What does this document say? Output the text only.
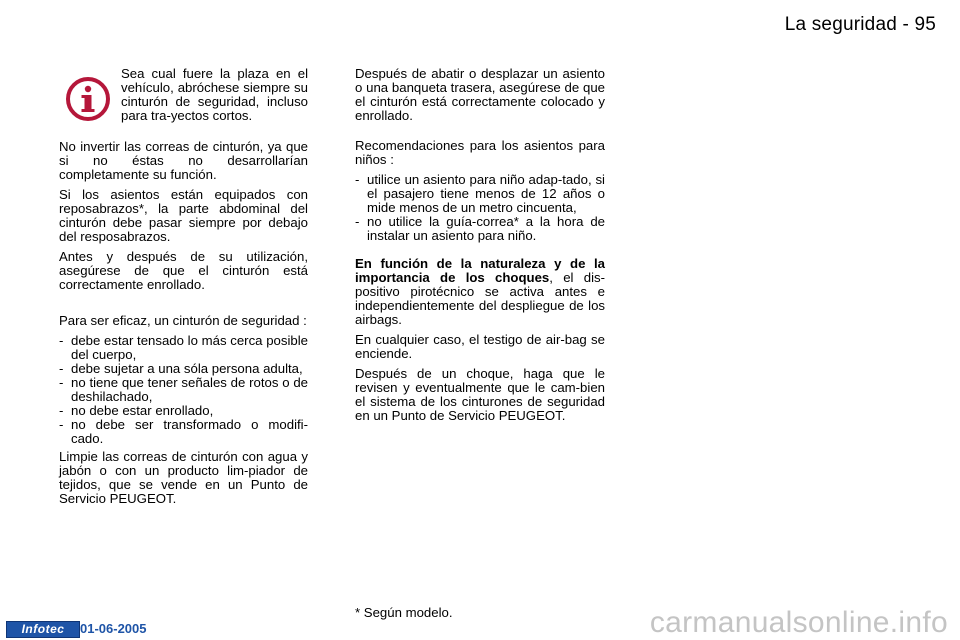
La seguridad - 95
Sea cual fuere la plaza en el vehículo, abróchese siempre su cinturón de seguridad, incluso para tra-yectos cortos.

No invertir las correas de cinturón, ya que si no éstas no desarrollarían completamente su función.

Si los asientos están equipados con reposabrazos*, la parte abdominal del cinturón debe pasar siempre por debajo del resposabrazos.

Antes y después de su utilización, asegúrese de que el cinturón está correctamente enrollado.

Para ser eficaz, un cinturón de seguridad :

- debe estar tensado lo más cerca posible del cuerpo,
- debe sujetar a una sóla persona adulta,
- no tiene que tener señales de rotos o de deshilachado,
- no debe estar enrollado,
- no debe ser transformado o modifi-cado.

Limpie las correas de cinturón con agua y jabón o con un producto lim-piador de tejidos, que se vende en un Punto de Servicio PEUGEOT.

Después de abatir o desplazar un asiento o una banqueta trasera, asegúrese de que el cinturón está correctamente colocado y enrollado.

Recomendaciones para los asientos para niños :

- utilice un asiento para niño adap-tado, si el pasajero tiene menos de 12 años o mide menos de un metro cincuenta,
- no utilice la guía-correa* a la hora de instalar un asiento para niño.

En función de la naturaleza y de la importancia de los choques, el dis-positivo pirotécnico se activa antes e independientemente del despliegue de los airbags.

En cualquier caso, el testigo de air-bag se enciende.

Después de un choque, haga que le revisen y eventualmente que le cam-bien el sistema de los cinturones de seguridad en un Punto de Servicio PEUGEOT.

* Según modelo.
Infotec	01-06-2005	carmanualsonline.info
